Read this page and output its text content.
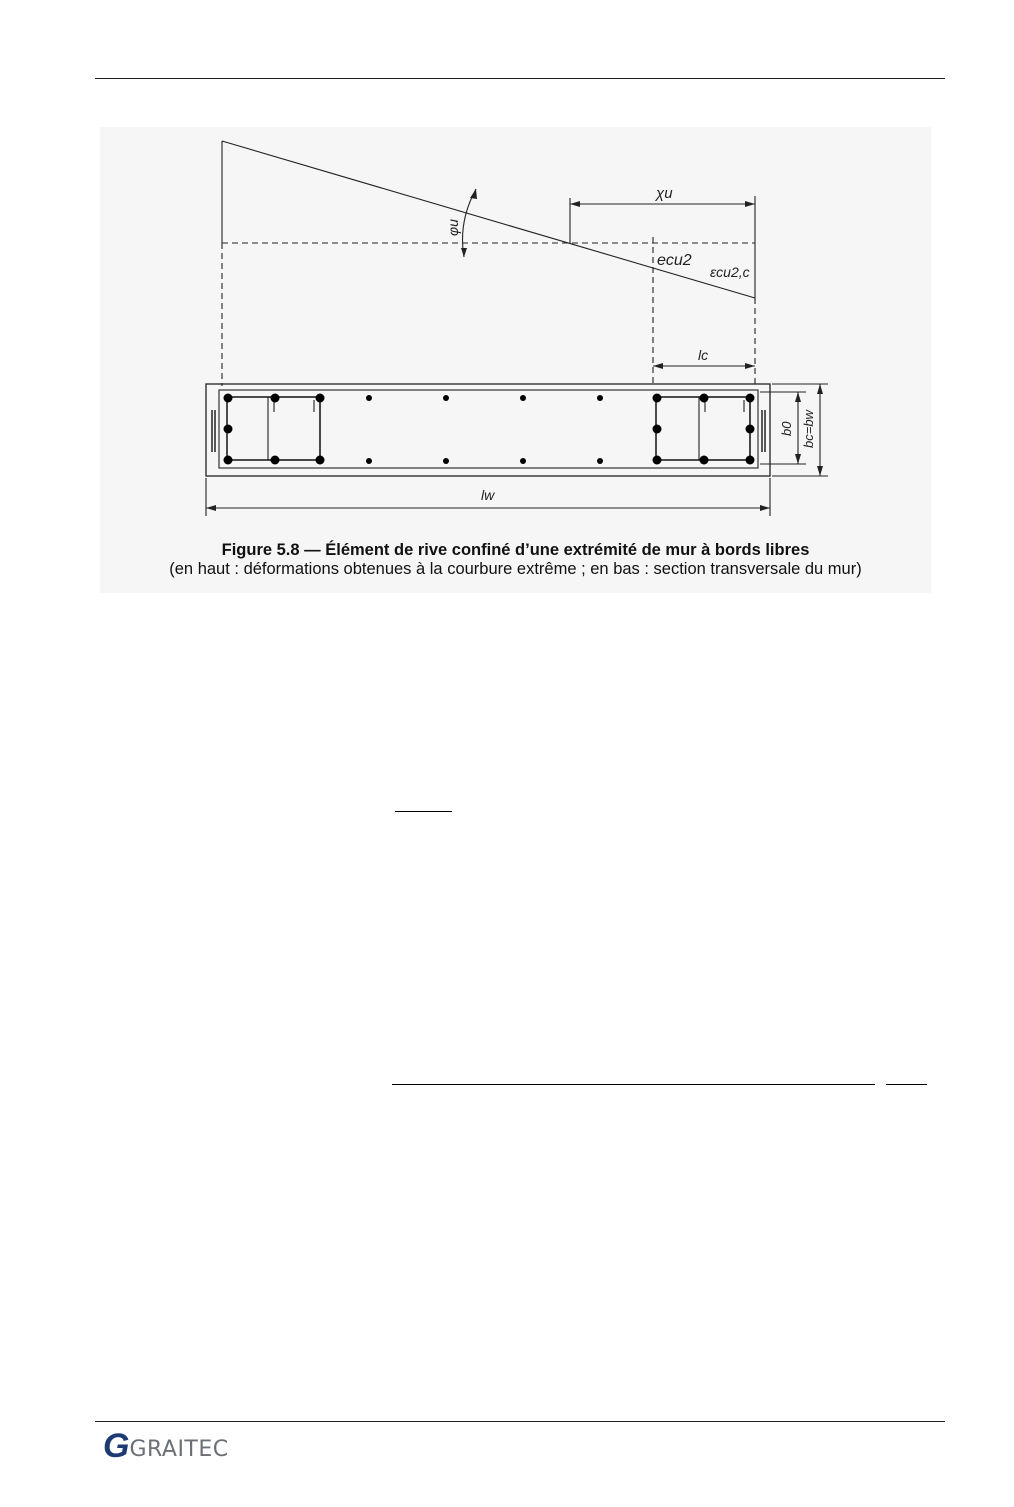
χu
φu
ecu2
εcu2,c
lc
lw
b0 bc=bw
Figure 5.8 — Élément de rive confiné d’une extrémité de mur à bords libres
(en haut : déformations obtenues à la courbure extrême ; en bas : section transversale du mur)
G GRAITEC
